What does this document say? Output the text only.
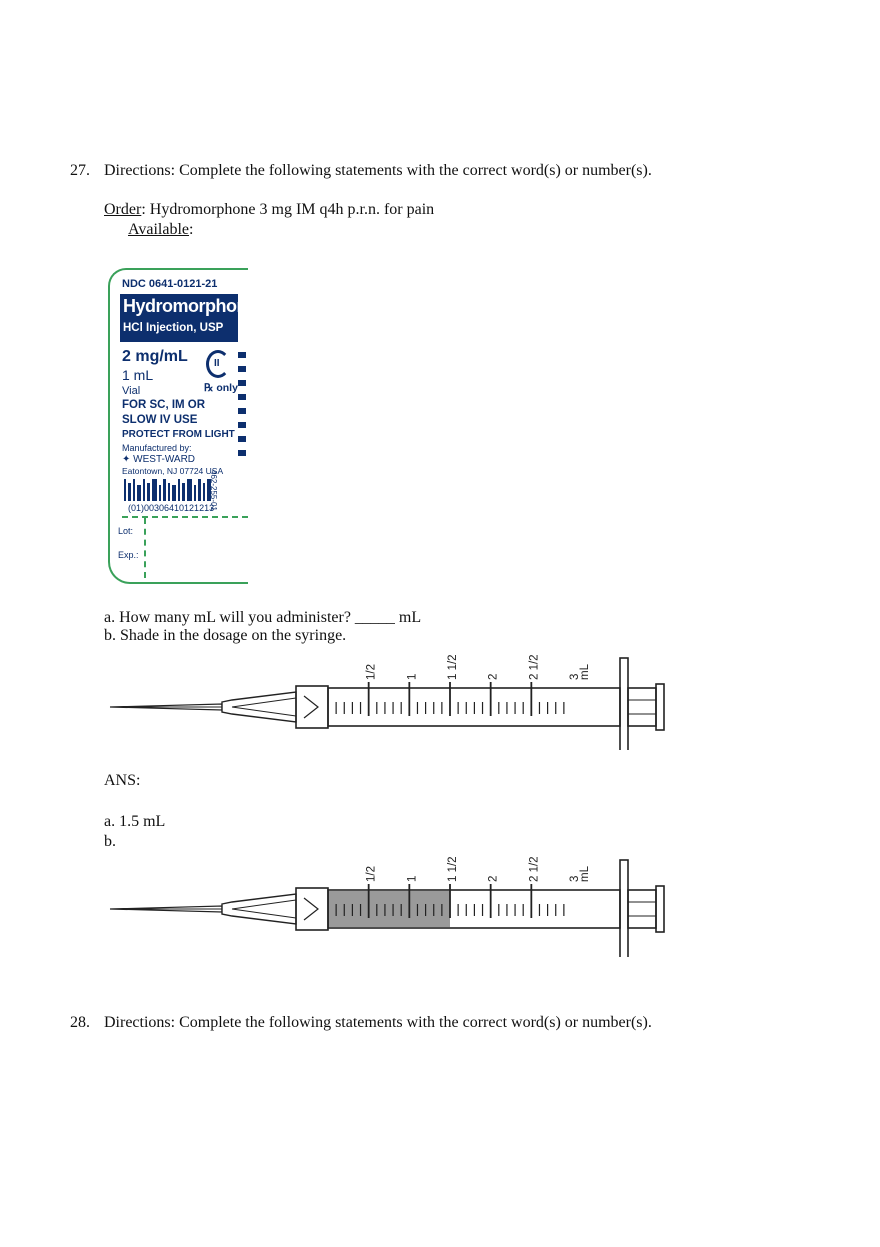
27. Directions: Complete the following statements with the correct word(s) or number(s).
Order: Hydromorphone 3 mg IM q4h p.r.n. for pain
Available:
NDC 0641-0121-21
Hydromorphone
HCl Injection, USP
2 mg/mL
1 mL
Vial
II
℞ only
FOR SC, IM OR
SLOW IV USE
PROTECT FROM LIGHT
Manufactured by:
✦ WEST-WARD
Eatontown, NJ 07724 USA
(01)00306410121213
462-255-01
Lot:
Exp.:
a. How many mL will you administer? _____ mL
b. Shade in the dosage on the syringe.
1/2 1 1 1/2 2 2 1/2 3
mL
ANS:
a. 1.5 mL
b.
1/2 1 1 1/2 2 2 1/2 3
mL
28. Directions: Complete the following statements with the correct word(s) or number(s).
